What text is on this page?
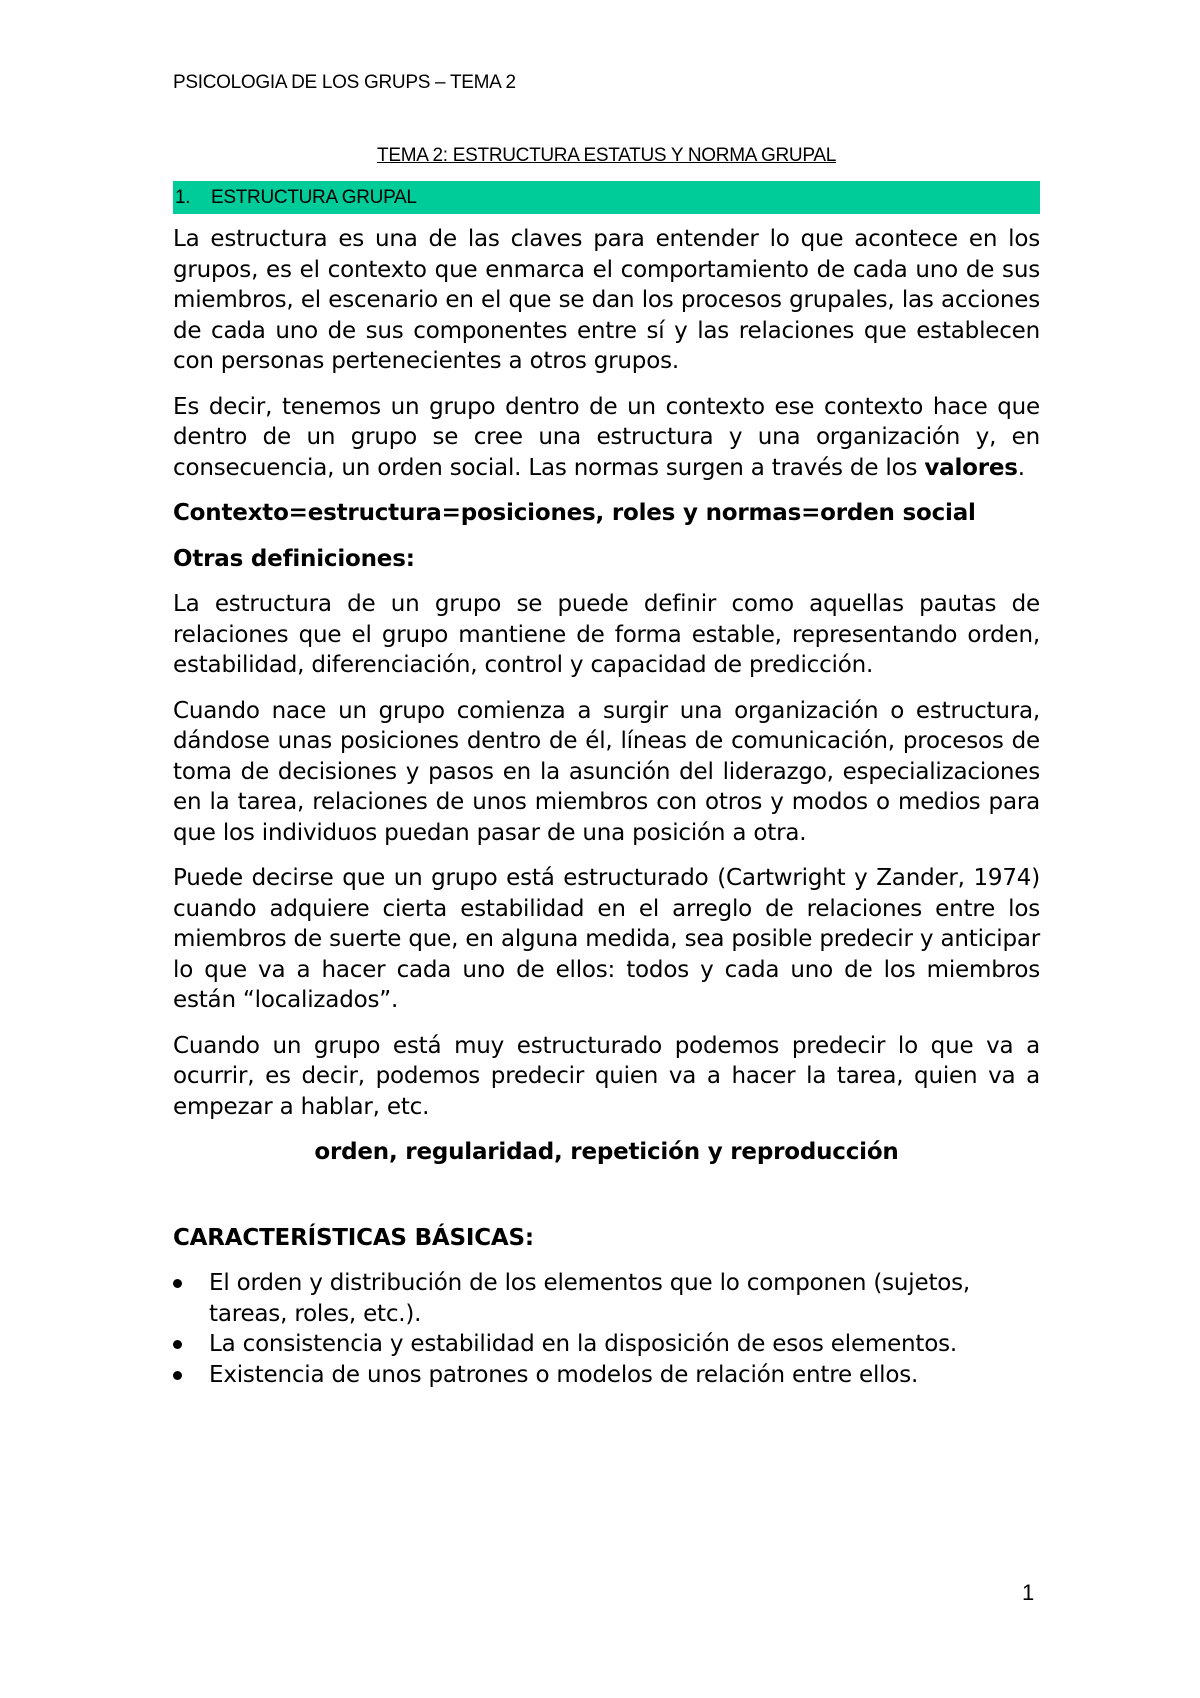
PSICOLOGIA DE LOS GRUPS – TEMA 2
TEMA 2: ESTRUCTURA ESTATUS Y NORMA GRUPAL
1. ESTRUCTURA GRUPAL

La estructura es una de las claves para entender lo que acontece en los grupos, es el contexto que enmarca el comportamiento de cada uno de sus miembros, el escenario en el que se dan los procesos grupales, las acciones de cada uno de sus componentes entre sí y las relaciones que establecen con personas pertenecientes a otros grupos.

Es decir, tenemos un grupo dentro de un contexto ese contexto hace que dentro de un grupo se cree una estructura y una organización y, en consecuencia, un orden social. Las normas surgen a través de los valores.

Contexto=estructura=posiciones, roles y normas=orden social

Otras definiciones:

La estructura de un grupo se puede definir como aquellas pautas de relaciones que el grupo mantiene de forma estable, representando orden, estabilidad, diferenciación, control y capacidad de predicción.

Cuando nace un grupo comienza a surgir una organización o estructura, dándose unas posiciones dentro de él, líneas de comunicación, procesos de toma de decisiones y pasos en la asunción del liderazgo, especializaciones en la tarea, relaciones de unos miembros con otros y modos o medios para que los individuos puedan pasar de una posición a otra.

Puede decirse que un grupo está estructurado (Cartwright y Zander, 1974) cuando adquiere cierta estabilidad en el arreglo de relaciones entre los miembros de suerte que, en alguna medida, sea posible predecir y anticipar lo que va a hacer cada uno de ellos: todos y cada uno de los miembros están “localizados”.

Cuando un grupo está muy estructurado podemos predecir lo que va a ocurrir, es decir, podemos predecir quien va a hacer la tarea, quien va a empezar a hablar, etc.

orden, regularidad, repetición y reproducción

CARACTERÍSTICAS BÁSICAS:

El orden y distribución de los elementos que lo componen (sujetos, tareas, roles, etc.).
La consistencia y estabilidad en la disposición de esos elementos.
Existencia de unos patrones o modelos de relación entre ellos.
1
